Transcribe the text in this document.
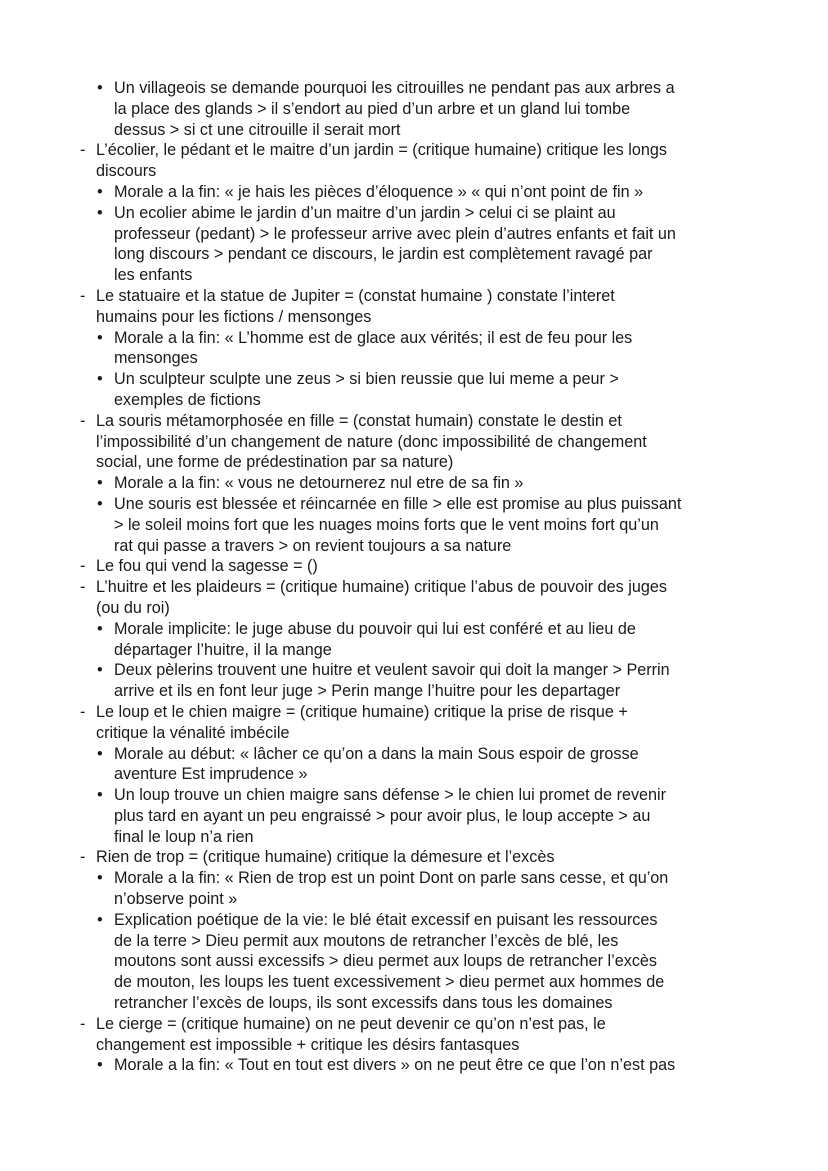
• Un villageois se demande pourquoi les citrouilles ne pendant pas aux arbres a
la place des glands > il s’endort au pied d’un arbre et un gland lui tombe
dessus > si ct une citrouille il serait mort
- L’écolier, le pédant et le maitre d’un jardin = (critique humaine) critique les longs
discours
• Morale a la fin: « je hais les pièces d’éloquence » « qui n’ont point de fin »
• Un ecolier abime le jardin d’un maitre d’un jardin > celui ci se plaint au
professeur (pedant) > le professeur arrive avec plein d’autres enfants et fait un
long discours > pendant ce discours, le jardin est complètement ravagé par
les enfants
- Le statuaire et la statue de Jupiter = (constat humaine ) constate l’interet
humains pour les fictions / mensonges
• Morale a la fin: « L’homme est de glace aux vérités; il est de feu pour les
mensonges
• Un sculpteur sculpte une zeus > si bien reussie que lui meme a peur >
exemples de fictions
- La souris métamorphosée en fille = (constat humain) constate le destin et
l’impossibilité d’un changement de nature (donc impossibilité de changement
social, une forme de prédestination par sa nature)
• Morale a la fin: « vous ne detournerez nul etre de sa fin »
• Une souris est blessée et réincarnée en fille > elle est promise au plus puissant
> le soleil moins fort que les nuages moins forts que le vent moins fort qu’un
rat qui passe a travers > on revient toujours a sa nature
- Le fou qui vend la sagesse = ()
- L’huitre et les plaideurs = (critique humaine) critique l’abus de pouvoir des juges
(ou du roi)
• Morale implicite: le juge abuse du pouvoir qui lui est conféré et au lieu de
départager l’huitre, il la mange
• Deux pèlerins trouvent une huitre et veulent savoir qui doit la manger > Perrin
arrive et ils en font leur juge > Perin mange l’huitre pour les departager
- Le loup et le chien maigre = (critique humaine) critique la prise de risque +
critique la vénalité imbécile
• Morale au début: « lâcher ce qu’on a dans la main Sous espoir de grosse
aventure Est imprudence »
• Un loup trouve un chien maigre sans défense > le chien lui promet de revenir
plus tard en ayant un peu engraissé > pour avoir plus, le loup accepte > au
final le loup n’a rien
- Rien de trop = (critique humaine) critique la démesure et l’excès
• Morale a la fin: « Rien de trop est un point Dont on parle sans cesse, et qu’on
n’observe point »
• Explication poétique de la vie: le blé était excessif en puisant les ressources
de la terre > Dieu permit aux moutons de retrancher l’excès de blé, les
moutons sont aussi excessifs > dieu permet aux loups de retrancher l’excès
de mouton, les loups les tuent excessivement > dieu permet aux hommes de
retrancher l’excès de loups, ils sont excessifs dans tous les domaines
- Le cierge = (critique humaine) on ne peut devenir ce qu’on n’est pas, le
changement est impossible + critique les désirs fantasques
• Morale a la fin: « Tout en tout est divers » on ne peut être ce que l’on n’est pas
